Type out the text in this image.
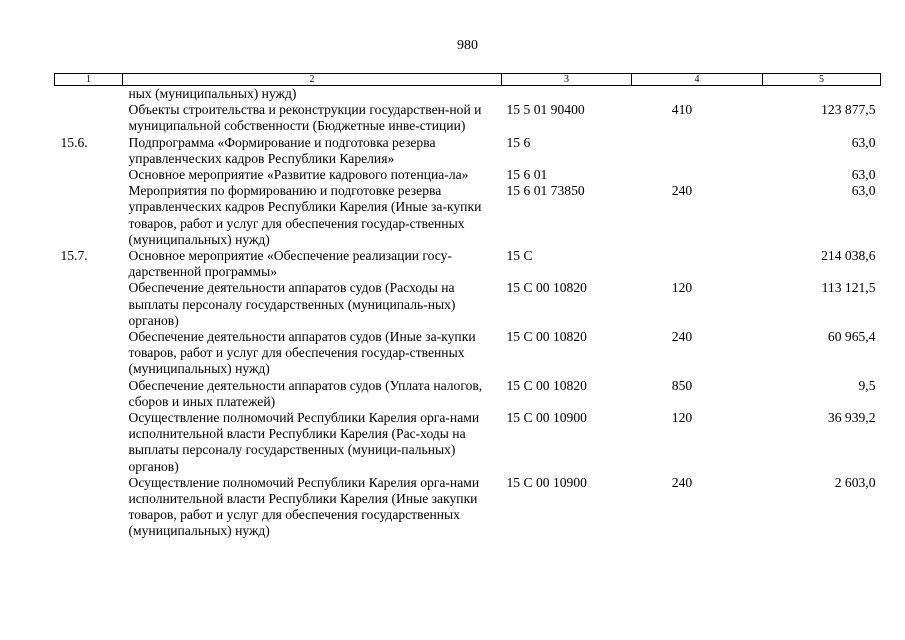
980
1	2	3	4	5
	ных (муниципальных) нужд)			
	Объекты строительства и реконструкции государствен-ной и муниципальной собственности (Бюджетные инве-стиции)	15 5 01 90400	410	123 877,5
15.6.	Подпрограмма «Формирование и подготовка резерва управленческих кадров Республики Карелия»	15 6		63,0
	Основное мероприятие «Развитие кадрового потенциа-ла»	15 6 01		63,0
	Мероприятия по формированию и подготовке резерва управленческих кадров Республики Карелия (Иные за-купки товаров, работ и услуг для обеспечения государ-ственных (муниципальных) нужд)	15 6 01 73850	240	63,0
15.7.	Основное мероприятие «Обеспечение реализации госу-дарственной программы»	15 С		214 038,6
	Обеспечение деятельности аппаратов судов (Расходы на выплаты персоналу государственных (муниципаль-ных) органов)	15 С 00 10820	120	113 121,5
	Обеспечение деятельности аппаратов судов (Иные за-купки товаров, работ и услуг для обеспечения государ-ственных (муниципальных) нужд)	15 С 00 10820	240	60 965,4
	Обеспечение деятельности аппаратов судов (Уплата налогов, сборов и иных платежей)	15 С 00 10820	850	9,5
	Осуществление полномочий Республики Карелия орга-нами исполнительной власти Республики Карелия (Рас-ходы на выплаты персоналу государственных (муници-пальных) органов)	15 С 00 10900	120	36 939,2
	Осуществление полномочий Республики Карелия орга-нами исполнительной власти Республики Карелия (Иные закупки товаров, работ и услуг для обеспечения государственных (муниципальных) нужд)	15 С 00 10900	240	2 603,0
